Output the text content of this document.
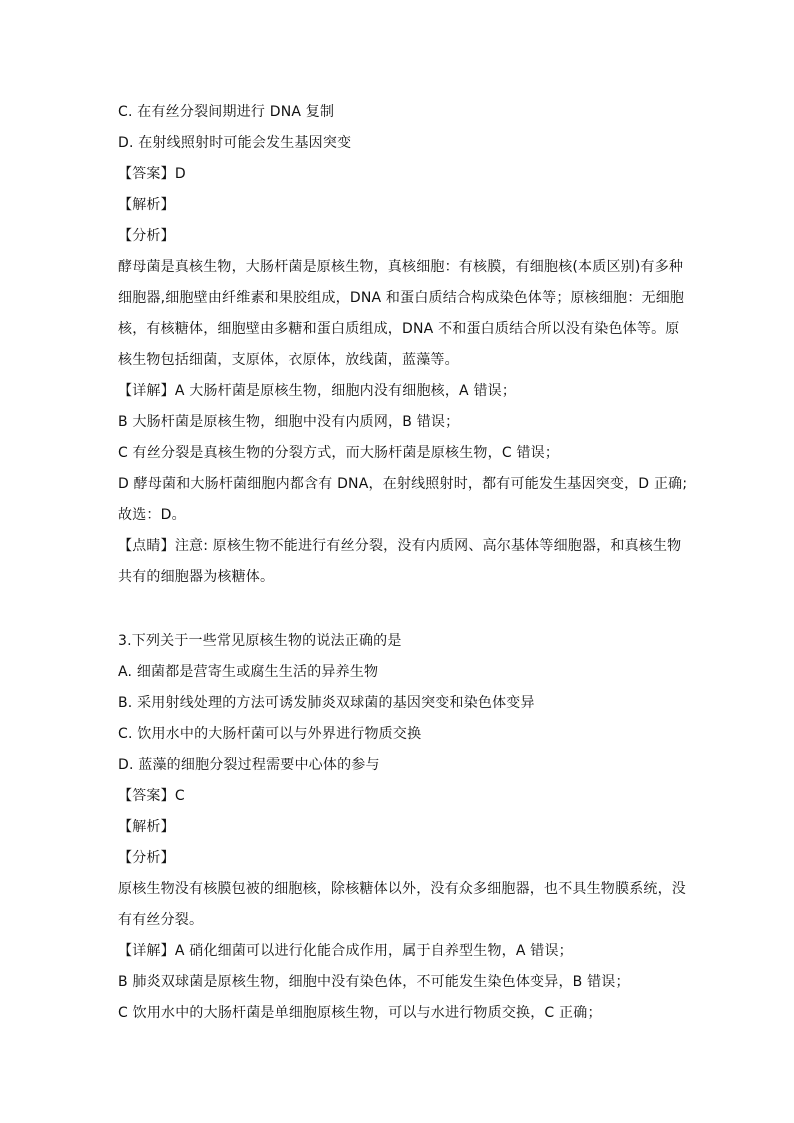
C. 在有丝分裂间期进行 DNA 复制
D. 在射线照射时可能会发生基因突变
【答案】D
【解析】
【分析】
酵母菌是真核生物，大肠杆菌是原核生物，真核细胞：有核膜，有细胞核(本质区别)有多种
细胞器,细胞壁由纤维素和果胶组成，DNA 和蛋白质结合构成染色体等；原核细胞：无细胞
核，有核糖体，细胞壁由多糖和蛋白质组成，DNA 不和蛋白质结合所以没有染色体等。原
核生物包括细菌，支原体，衣原体，放线菌，蓝藻等。
【详解】A 大肠杆菌是原核生物，细胞内没有细胞核，A 错误；
B 大肠杆菌是原核生物，细胞中没有内质网，B 错误；
C 有丝分裂是真核生物的分裂方式，而大肠杆菌是原核生物，C 错误；
D 酵母菌和大肠杆菌细胞内都含有 DNA，在射线照射时，都有可能发生基因突变，D 正确;
故选：D。
【点睛】注意: 原核生物不能进行有丝分裂，没有内质网、高尔基体等细胞器，和真核生物
共有的细胞器为核糖体。
3.下列关于一些常见原核生物的说法正确的是
A. 细菌都是营寄生或腐生生活的异养生物
B. 采用射线处理的方法可诱发肺炎双球菌的基因突变和染色体变异
C. 饮用水中的大肠杆菌可以与外界进行物质交换
D. 蓝藻的细胞分裂过程需要中心体的参与
【答案】C
【解析】
【分析】
原核生物没有核膜包被的细胞核，除核糖体以外，没有众多细胞器，也不具生物膜系统，没
有有丝分裂。
【详解】A 硝化细菌可以进行化能合成作用，属于自养型生物，A 错误；
B 肺炎双球菌是原核生物，细胞中没有染色体，不可能发生染色体变异，B 错误；
C 饮用水中的大肠杆菌是单细胞原核生物，可以与水进行物质交换，C 正确；
